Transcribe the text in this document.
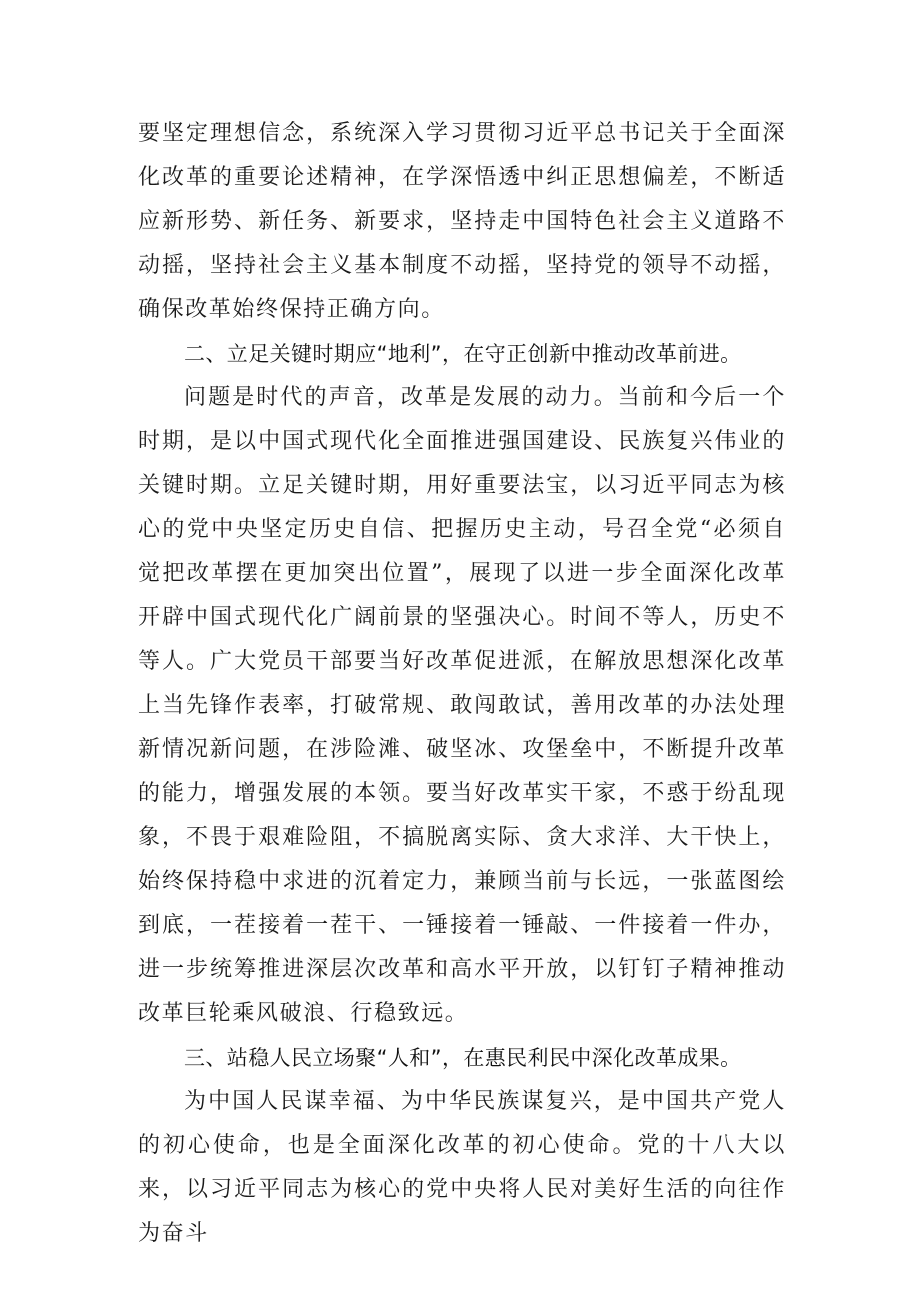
要坚定理想信念，系统深入学习贯彻习近平总书记关于全面深化改革的重要论述精神，在学深悟透中纠正思想偏差，不断适应新形势、新任务、新要求，坚持走中国特色社会主义道路不动摇，坚持社会主义基本制度不动摇，坚持党的领导不动摇，确保改革始终保持正确方向。

二、立足关键时期应“地利”，在守正创新中推动改革前进。

问题是时代的声音，改革是发展的动力。当前和今后一个时期，是以中国式现代化全面推进强国建设、民族复兴伟业的关键时期。立足关键时期，用好重要法宝，以习近平同志为核心的党中央坚定历史自信、把握历史主动，号召全党“必须自觉把改革摆在更加突出位置”，展现了以进一步全面深化改革开辟中国式现代化广阔前景的坚强决心。时间不等人，历史不等人。广大党员干部要当好改革促进派，在解放思想深化改革上当先锋作表率，打破常规、敢闯敢试，善用改革的办法处理新情况新问题，在涉险滩、破坚冰、攻堡垒中，不断提升改革的能力，增强发展的本领。要当好改革实干家，不惑于纷乱现象，不畏于艰难险阻，不搞脱离实际、贪大求洋、大干快上，始终保持稳中求进的沉着定力，兼顾当前与长远，一张蓝图绘到底，一茬接着一茬干、一锤接着一锤敲、一件接着一件办，进一步统筹推进深层次改革和高水平开放，以钉钉子精神推动改革巨轮乘风破浪、行稳致远。

三、站稳人民立场聚“人和”，在惠民利民中深化改革成果。

为中国人民谋幸福、为中华民族谋复兴，是中国共产党人的初心使命，也是全面深化改革的初心使命。党的十八大以来，以习近平同志为核心的党中央将人民对美好生活的向往作为奋斗
